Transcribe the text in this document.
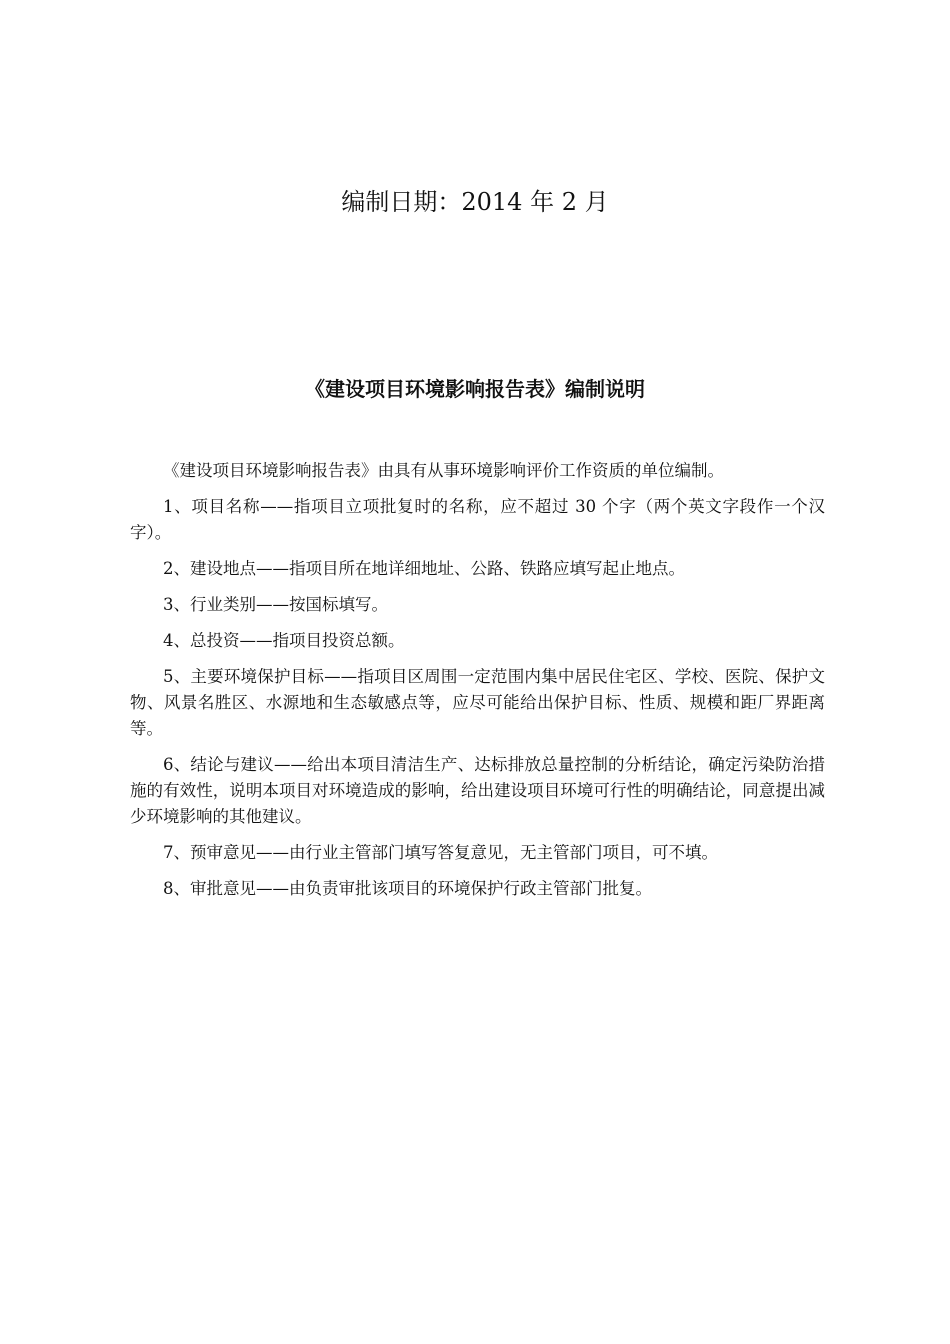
编制日期：2014 年 2 月
《建设项目环境影响报告表》编制说明

《建设项目环境影响报告表》由具有从事环境影响评价工作资质的单位编制。

1、项目名称——指项目立项批复时的名称，应不超过 30 个字（两个英文字段作一个汉字）。

2、建设地点——指项目所在地详细地址、公路、铁路应填写起止地点。

3、行业类别——按国标填写。

4、总投资——指项目投资总额。

5、主要环境保护目标——指项目区周围一定范围内集中居民住宅区、学校、医院、保护文物、风景名胜区、水源地和生态敏感点等，应尽可能给出保护目标、性质、规模和距厂界距离等。

6、结论与建议——给出本项目清洁生产、达标排放总量控制的分析结论，确定污染防治措施的有效性，说明本项目对环境造成的影响，给出建设项目环境可行性的明确结论，同意提出减少环境影响的其他建议。

7、预审意见——由行业主管部门填写答复意见，无主管部门项目，可不填。

8、审批意见——由负责审批该项目的环境保护行政主管部门批复。
